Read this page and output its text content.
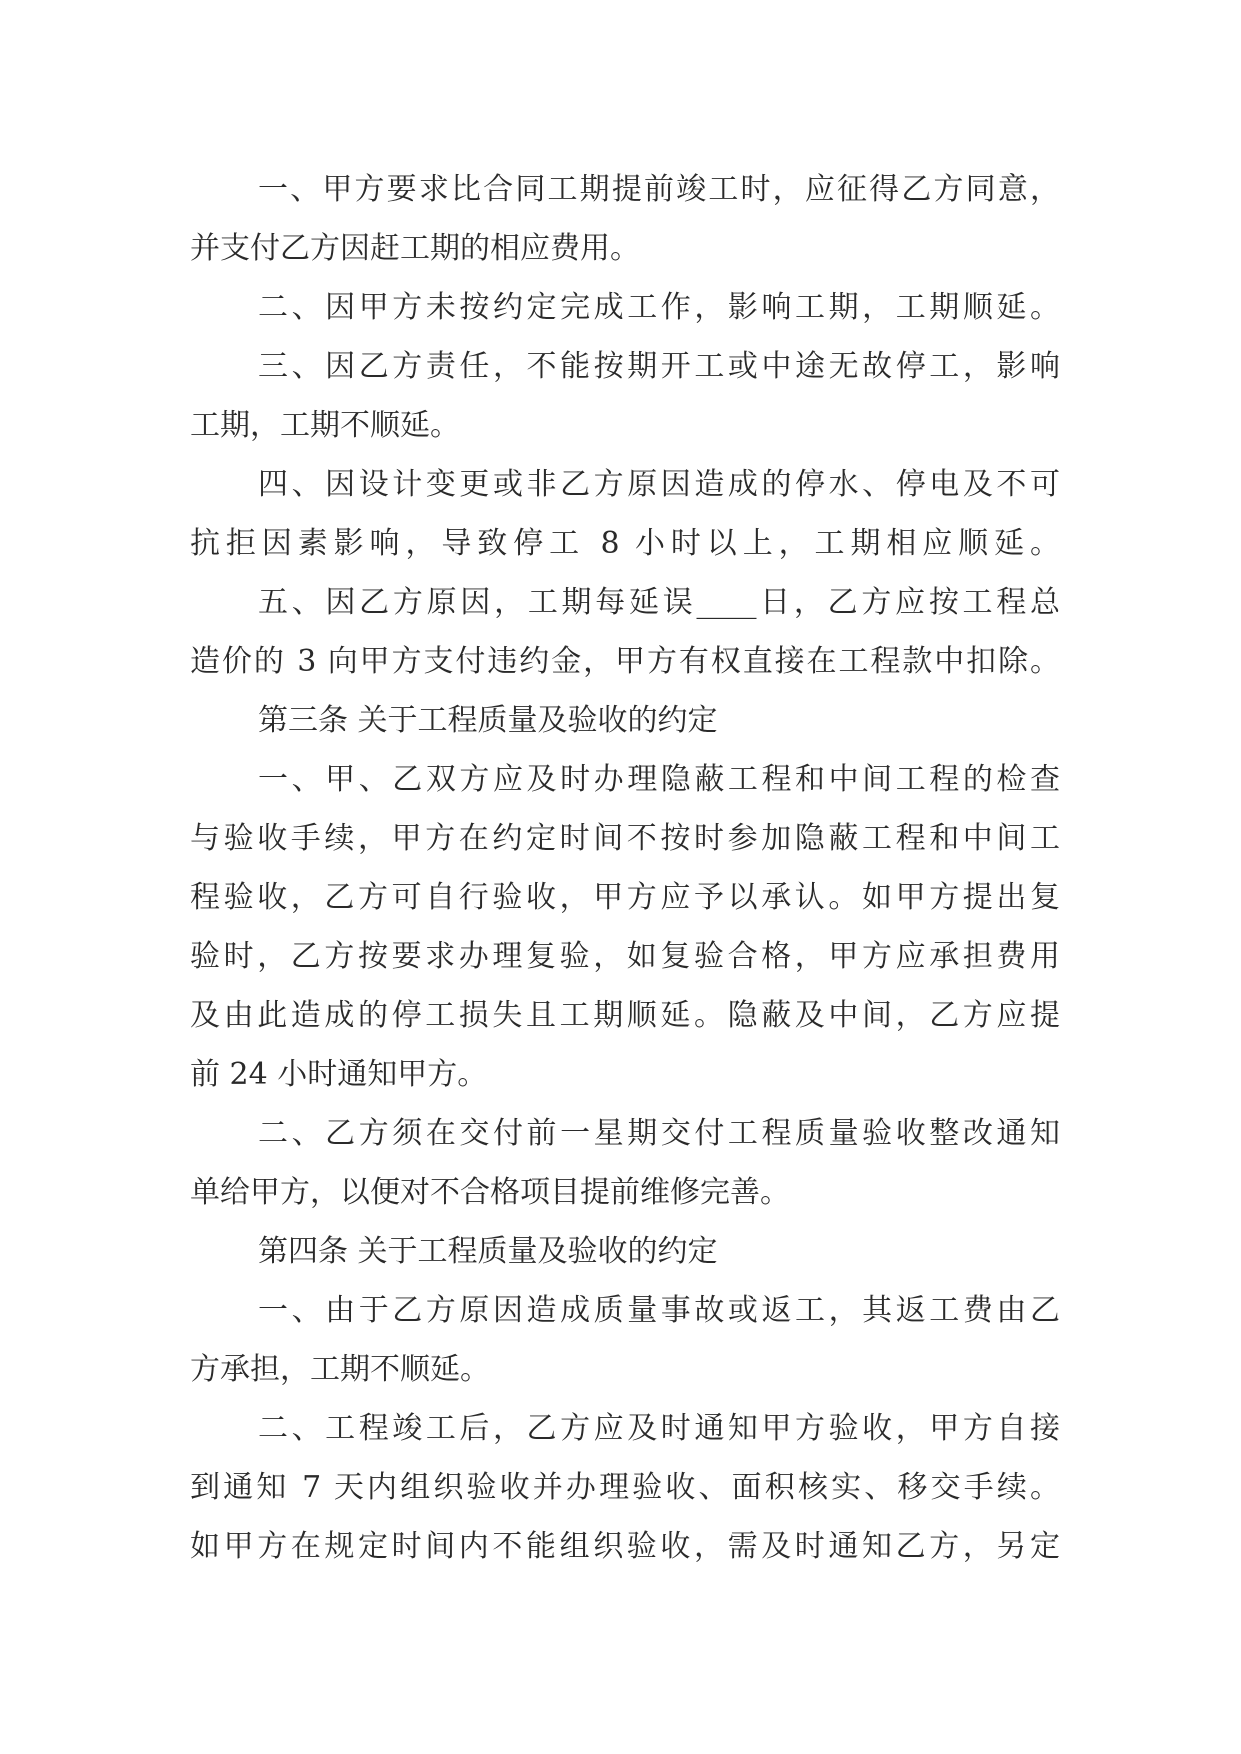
一、甲方要求比合同工期提前竣工时，应征得乙方同意，
并支付乙方因赶工期的相应费用。
二、因甲方未按约定完成工作，影响工期，工期顺延。
三、因乙方责任，不能按期开工或中途无故停工，影响
工期，工期不顺延。
四、因设计变更或非乙方原因造成的停水、停电及不可
抗拒因素影响，导致停工 8 小时以上，工期相应顺延。
五、因乙方原因，工期每延误____日，乙方应按工程总
造价的 3 向甲方支付违约金，甲方有权直接在工程款中扣除。
第三条 关于工程质量及验收的约定
一、甲、乙双方应及时办理隐蔽工程和中间工程的检查
与验收手续，甲方在约定时间不按时参加隐蔽工程和中间工
程验收，乙方可自行验收，甲方应予以承认。如甲方提出复
验时，乙方按要求办理复验，如复验合格，甲方应承担费用
及由此造成的停工损失且工期顺延。隐蔽及中间，乙方应提
前 24 小时通知甲方。
二、乙方须在交付前一星期交付工程质量验收整改通知
单给甲方，以便对不合格项目提前维修完善。
第四条 关于工程质量及验收的约定
一、由于乙方原因造成质量事故或返工，其返工费由乙
方承担，工期不顺延。
二、工程竣工后，乙方应及时通知甲方验收，甲方自接
到通知 7 天内组织验收并办理验收、面积核实、移交手续。
如甲方在规定时间内不能组织验收，需及时通知乙方，另定
